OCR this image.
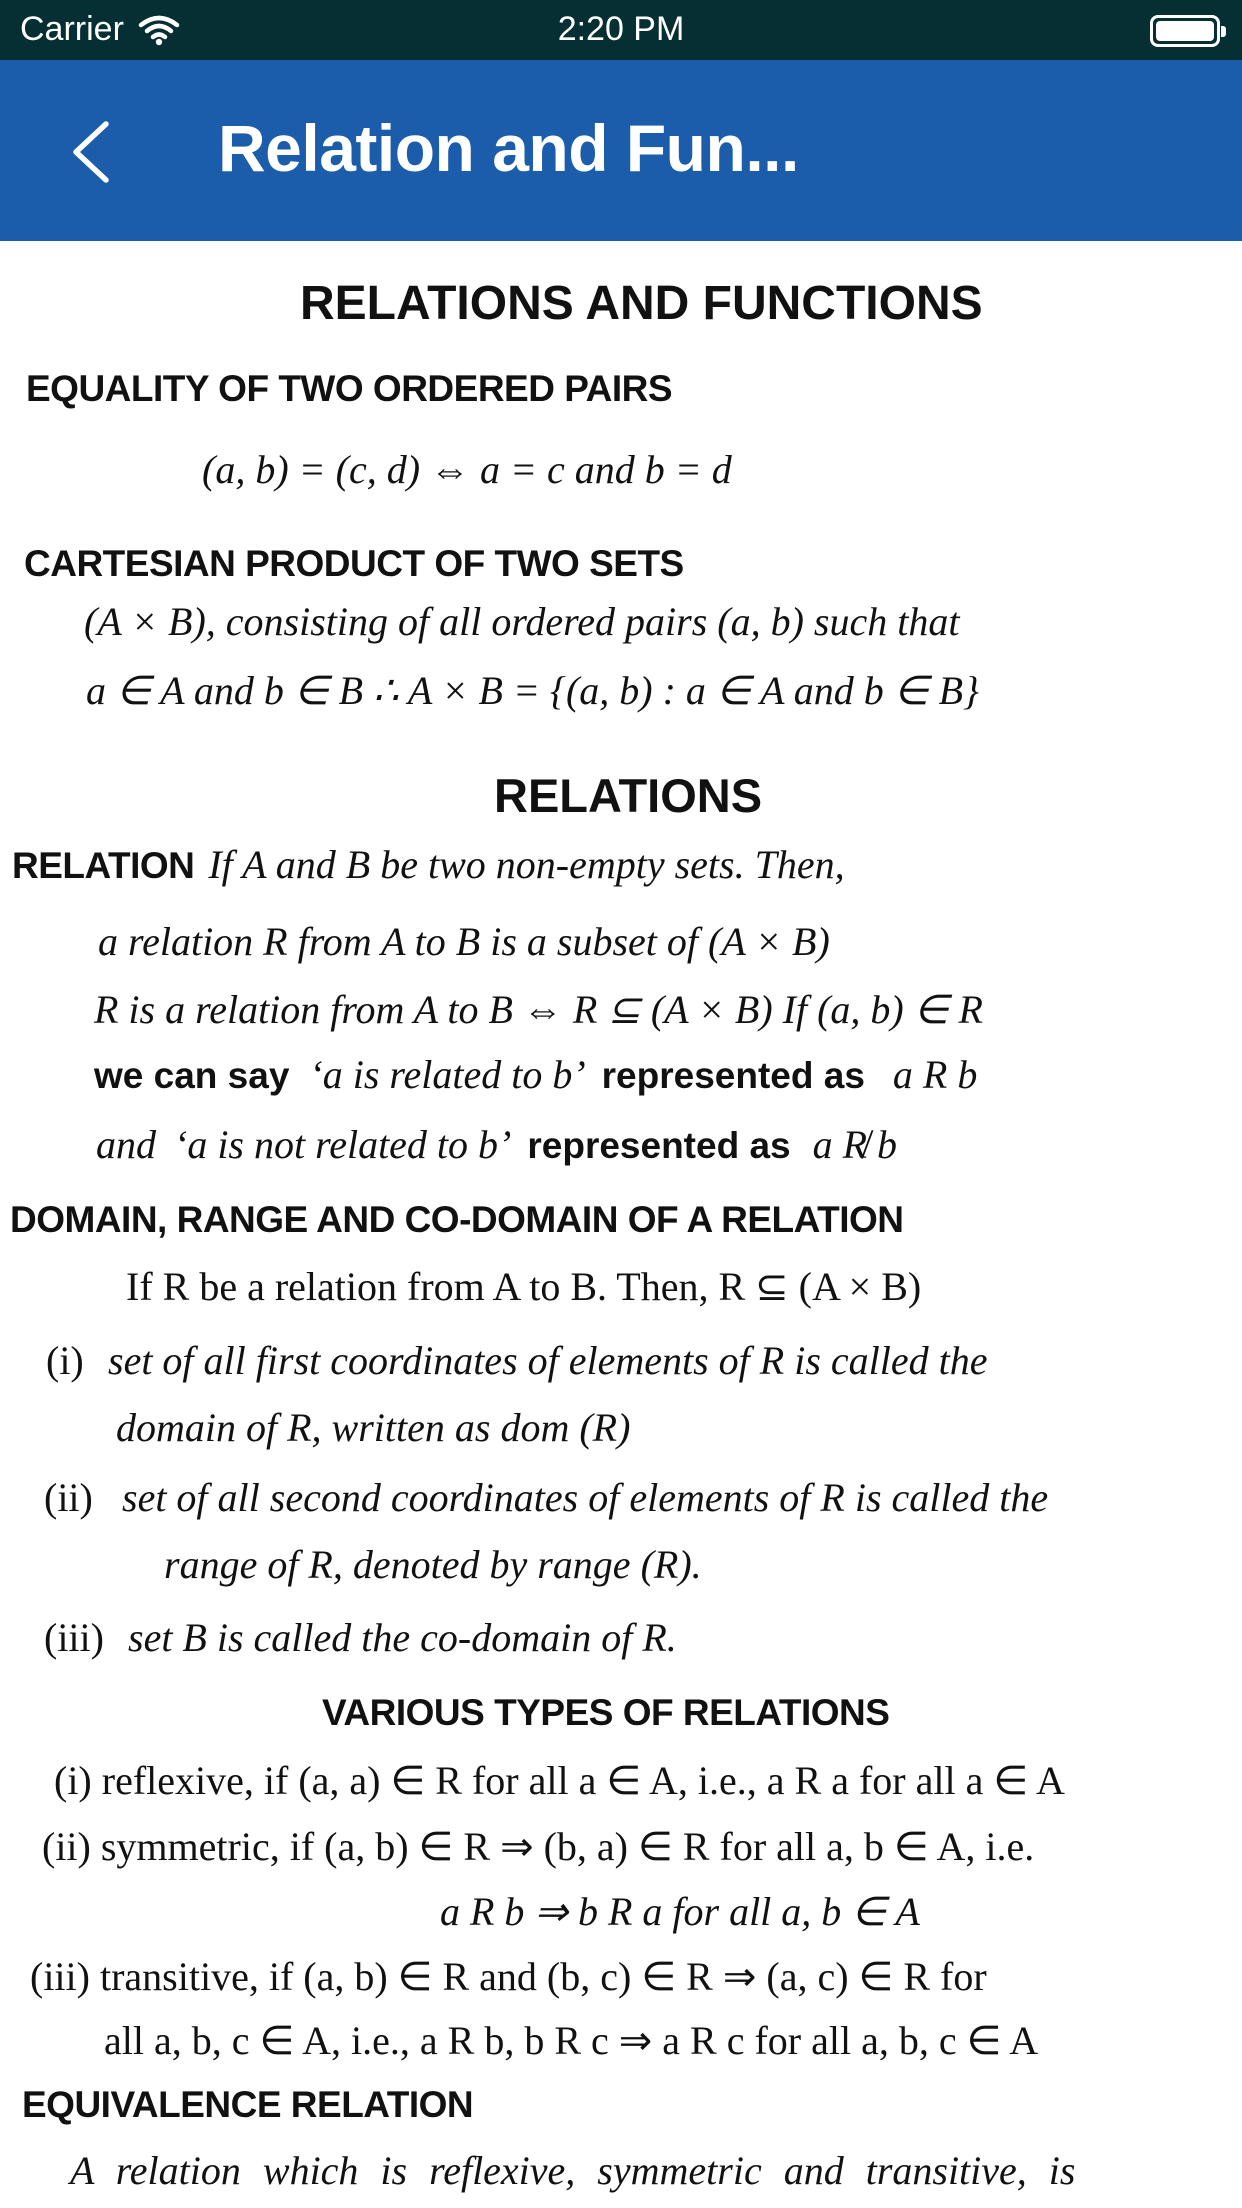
Carrier	2:20 PM
Relation and Fun...
RELATIONS AND FUNCTIONS
EQUALITY OF TWO ORDERED PAIRS
(a, b) = (c, d) ⇔ a = c and b = d
CARTESIAN PRODUCT OF TWO SETS
(A × B), consisting of all ordered pairs (a, b) such that
a ∈ A and b ∈ B ∴ A × B = {(a, b) : a ∈ A and b ∈ B}
RELATIONS
RELATION If A and B be two non-empty sets. Then,
a relation R from A to B is a subset of (A × B)
R is a relation from A to B ⇔ R ⊆ (A × B) If (a, b) ∈ R
we can say ‘a is related to b’ represented as a R b
and ‘a is not related to b’ represented as a R̸ b
DOMAIN, RANGE AND CO-DOMAIN OF A RELATION
If R be a relation from A to B. Then, R ⊆ (A × B)
(i) set of all first coordinates of elements of R is called the
domain of R, written as dom (R)
(ii) set of all second coordinates of elements of R is called the
range of R, denoted by range (R).
(iii) set B is called the co-domain of R.
VARIOUS TYPES OF RELATIONS
(i) reflexive, if (a, a) ∈ R for all a ∈ A, i.e., a R a for all a ∈ A
(ii) symmetric, if (a, b) ∈ R ⇒ (b, a) ∈ R for all a, b ∈ A, i.e.
a R b ⇒ b R a for all a, b ∈ A
(iii) transitive, if (a, b) ∈ R and (b, c) ∈ R ⇒ (a, c) ∈ R for
all a, b, c ∈ A, i.e., a R b, b R c ⇒ a R c for all a, b, c ∈ A
EQUIVALENCE RELATION
A relation which is reflexive, symmetric and transitive, is
